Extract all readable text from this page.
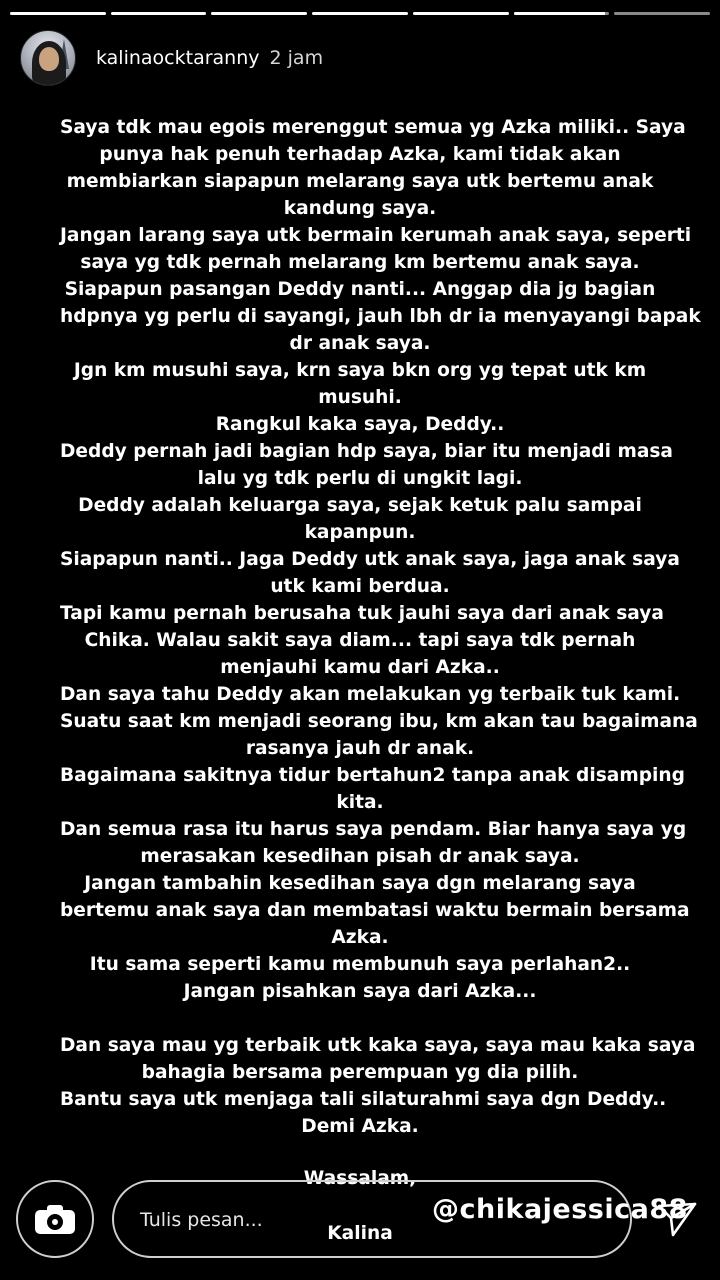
kalinaocktaranny 2 jam
Saya tdk mau egois merenggut semua yg Azka miliki.. Saya
punya hak penuh terhadap Azka, kami tidak akan
membiarkan siapapun melarang saya utk bertemu anak
kandung saya.
Jangan larang saya utk bermain kerumah anak saya, seperti
saya yg tdk pernah melarang km bertemu anak saya.
Siapapun pasangan Deddy nanti... Anggap dia jg bagian
hdpnya yg perlu di sayangi, jauh lbh dr ia menyayangi bapak
dr anak saya.
Jgn km musuhi saya, krn saya bkn org yg tepat utk km
musuhi.
Rangkul kaka saya, Deddy..
Deddy pernah jadi bagian hdp saya, biar itu menjadi masa
lalu yg tdk perlu di ungkit lagi.
Deddy adalah keluarga saya, sejak ketuk palu sampai
kapanpun.
Siapapun nanti.. Jaga Deddy utk anak saya, jaga anak saya
utk kami berdua.
Tapi kamu pernah berusaha tuk jauhi saya dari anak saya
Chika. Walau sakit saya diam... tapi saya tdk pernah
menjauhi kamu dari Azka..
Dan saya tahu Deddy akan melakukan yg terbaik tuk kami.
Suatu saat km menjadi seorang ibu, km akan tau bagaimana
rasanya jauh dr anak.
Bagaimana sakitnya tidur bertahun2 tanpa anak disamping
kita.
Dan semua rasa itu harus saya pendam. Biar hanya saya yg
merasakan kesedihan pisah dr anak saya.
Jangan tambahin kesedihan saya dgn melarang saya
bertemu anak saya dan membatasi waktu bermain bersama
Azka.
Itu sama seperti kamu membunuh saya perlahan2..
Jangan pisahkan saya dari Azka...
Dan saya mau yg terbaik utk kaka saya, saya mau kaka saya
bahagia bersama perempuan yg dia pilih.
Bantu saya utk menjaga tali silaturahmi saya dgn Deddy..
Demi Azka.
Wassalam,
Tulis pesan...
Kalina
@chikajessica88
